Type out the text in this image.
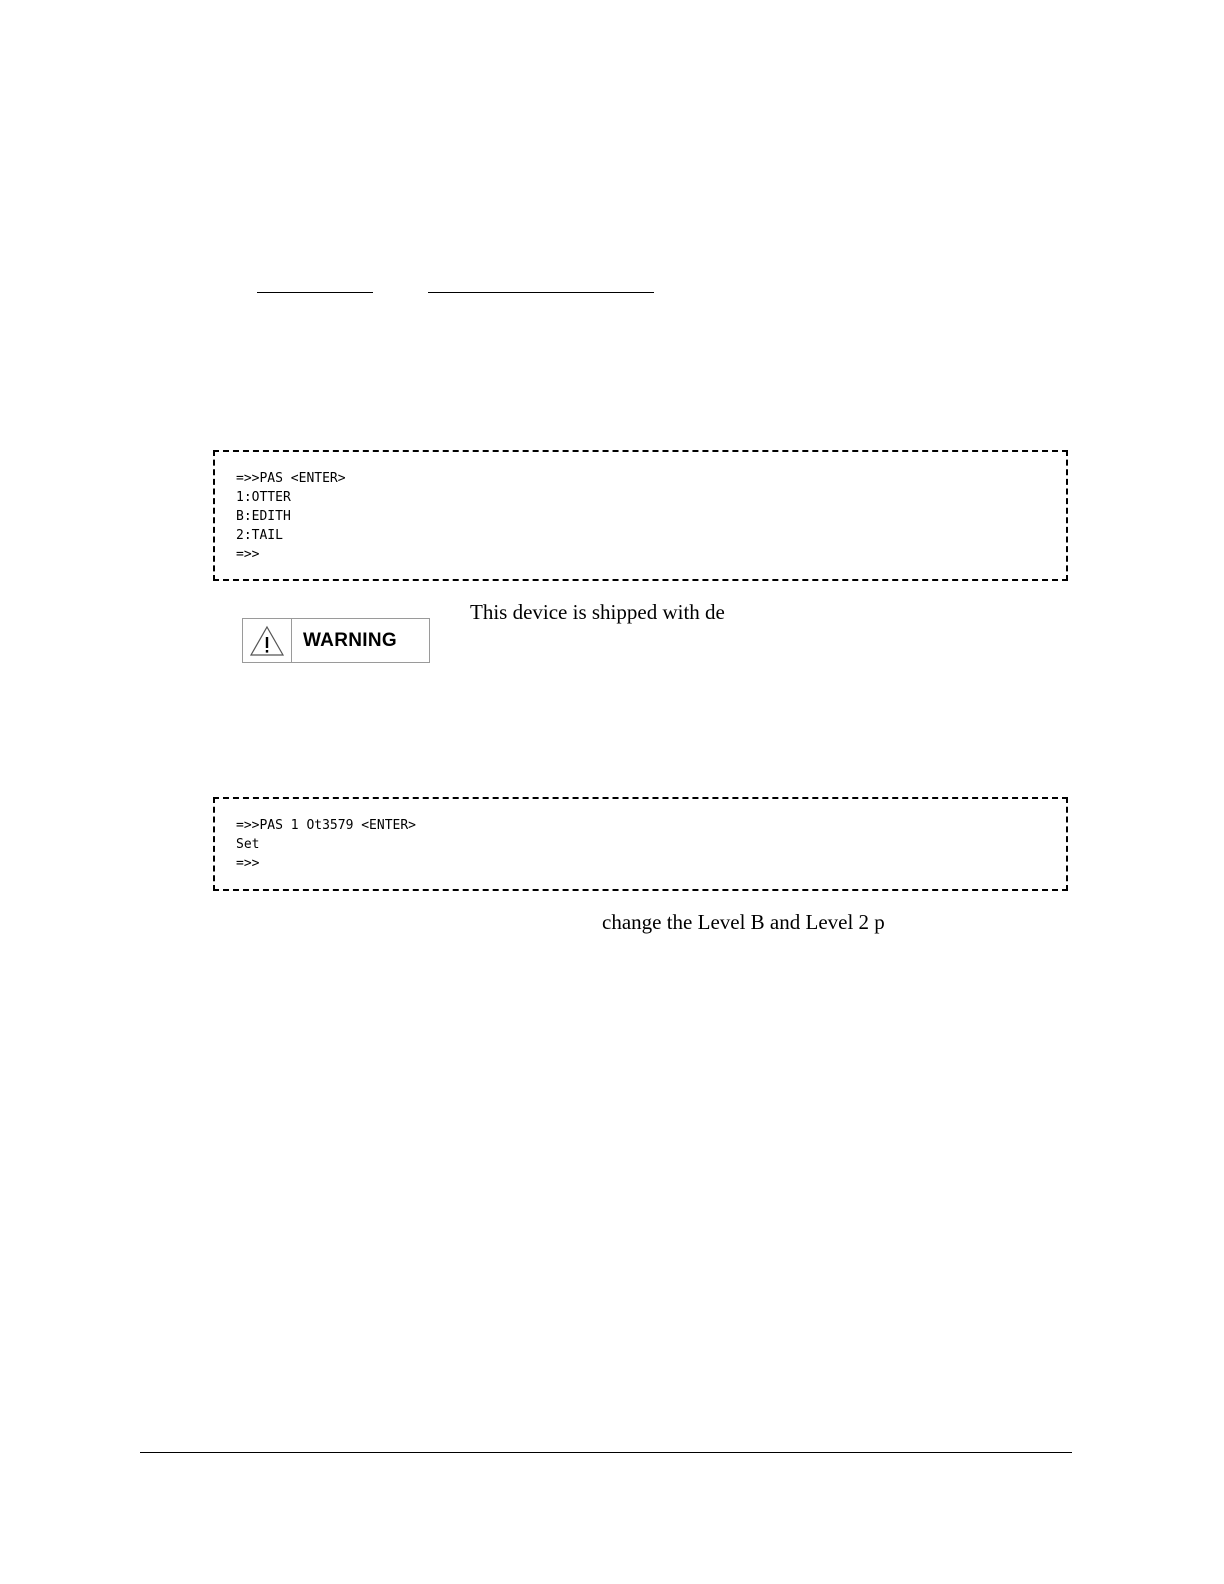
=>>PAS <ENTER>
1:OTTER
B:EDITH
2:TAIL
=>>
WARNING
This device is shipped with de
=>>PAS 1 Ot3579 <ENTER>
Set
=>>
change the Level B and Level 2 p
